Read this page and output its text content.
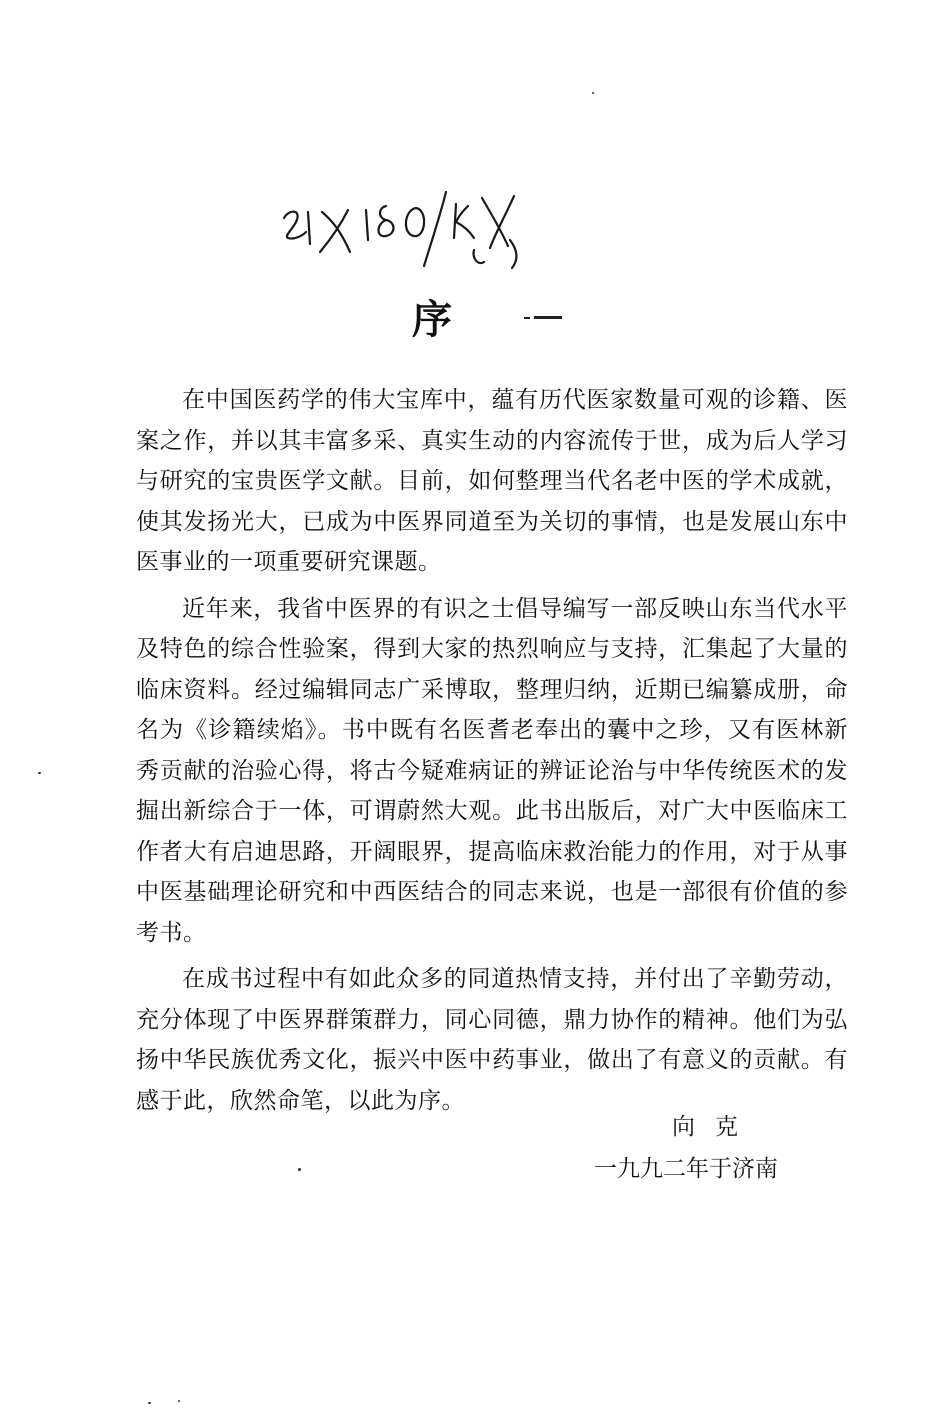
序

在中国医药学的伟大宝库中，蕴有历代医家数量可观的诊籍、医案之作，并以其丰富多采、真实生动的内容流传于世，成为后人学习与研究的宝贵医学文献。目前，如何整理当代名老中医的学术成就，使其发扬光大，已成为中医界同道至为关切的事情，也是发展山东中医事业的一项重要研究课题。

近年来，我省中医界的有识之士倡导编写一部反映山东当代水平及特色的综合性验案，得到大家的热烈响应与支持，汇集起了大量的临床资料。经过编辑同志广采博取，整理归纳，近期已编纂成册，命名为《诊籍续焰》。书中既有名医耆老奉出的囊中之珍，又有医林新秀贡献的治验心得，将古今疑难病证的辨证论治与中华传统医术的发掘出新综合于一体，可谓蔚然大观。此书出版后，对广大中医临床工作者大有启迪思路，开阔眼界，提高临床救治能力的作用，对于从事中医基础理论研究和中西医结合的同志来说，也是一部很有价值的参考书。

在成书过程中有如此众多的同道热情支持，并付出了辛勤劳动，充分体现了中医界群策群力，同心同德，鼎力协作的精神。他们为弘扬中华民族优秀文化，振兴中医中药事业，做出了有意义的贡献。有感于此，欣然命笔，以此为序。

向克
一九九二年于济南
